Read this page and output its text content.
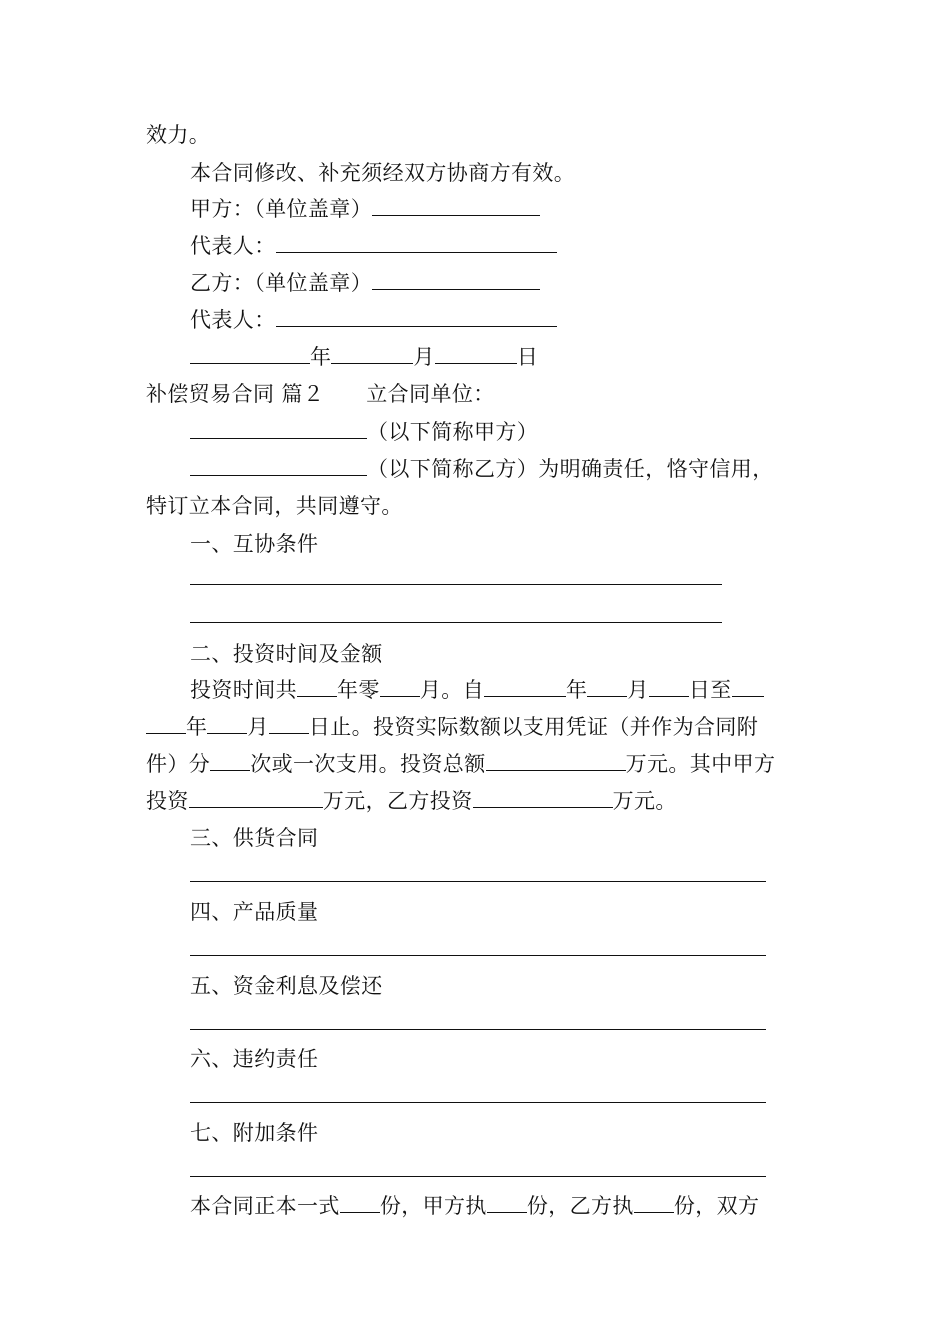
效力。
本合同修改、补充须经双方协商方有效。
甲方：（单位盖章）
代表人：
乙方：（单位盖章）
代表人：
年	月	日
补偿贸易合同 篇２ 立合同单位：
（以下简称甲方）
（以下简称乙方）为明确责任，恪守信用，
特订立本合同，共同遵守。
一、互协条件
二、投资时间及金额
投资时间共 年零 月。自	年 月 日至
年 月 日止。投资实际数额以支用凭证（并作为合同附
件）分 次或一次支用。投资总额	万元。其中甲方
投资	万元，乙方投资	万元。
三、供货合同
四、产品质量
五、资金利息及偿还
六、违约责任
七、附加条件
本合同正本一式 份，甲方执 份，乙方执 份，双方
